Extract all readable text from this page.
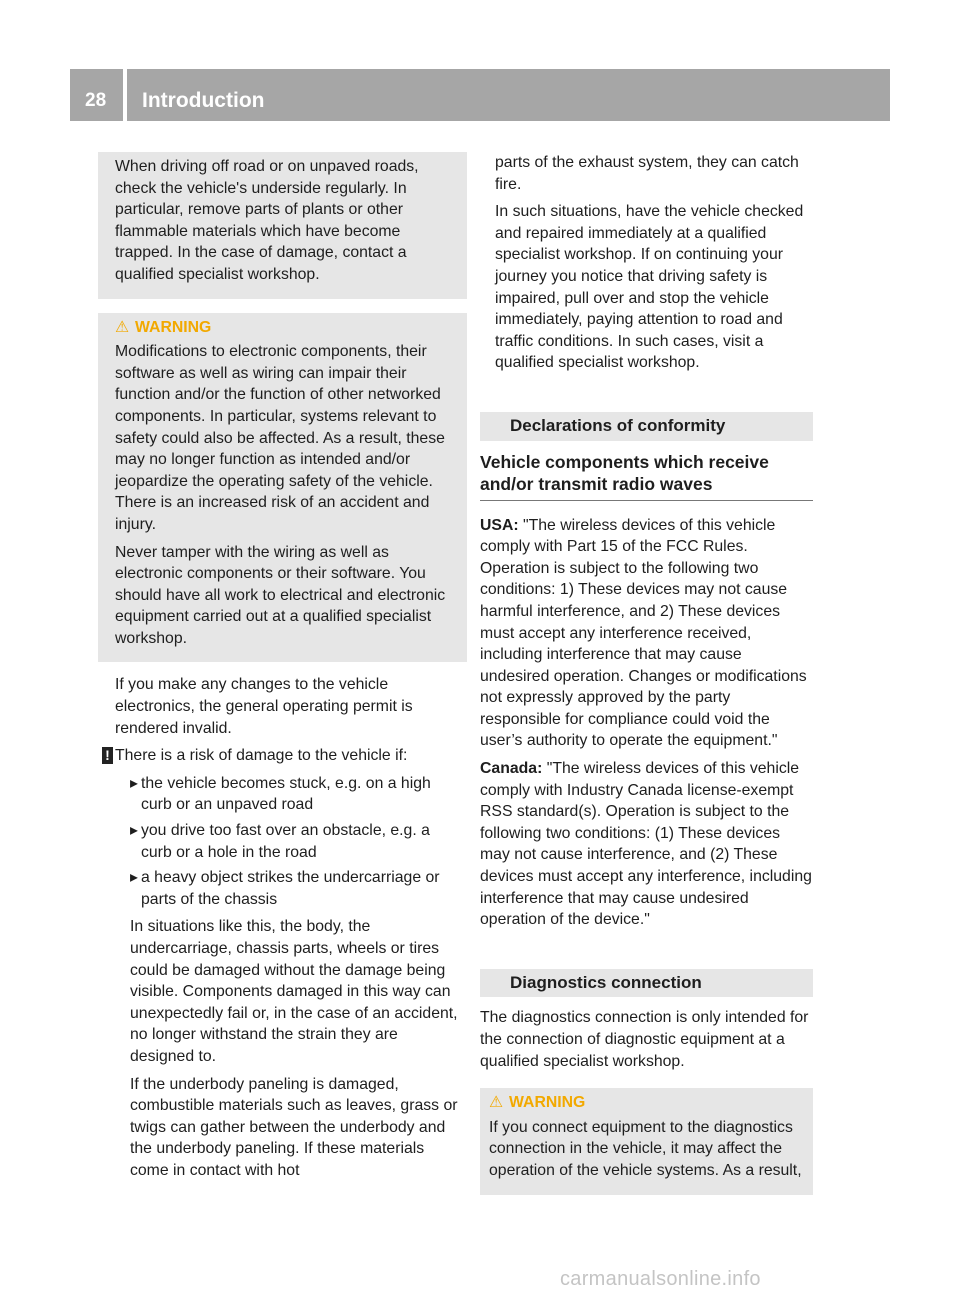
28 Introduction

When driving off road or on unpaved roads, check the vehicle's underside regularly. In particular, remove parts of plants or other flammable materials which have become trapped. In the case of damage, contact a qualified specialist workshop.

⚠ WARNING

Modifications to electronic components, their software as well as wiring can impair their function and/or the function of other networked components. In particular, systems relevant to safety could also be affected. As a result, these may no longer function as intended and/or jeopardize the operating safety of the vehicle. There is an increased risk of an accident and injury.

Never tamper with the wiring as well as electronic components or their software. You should have all work to electrical and electronic equipment carried out at a qualified specialist workshop.

If you make any changes to the vehicle electronics, the general operating permit is rendered invalid.

! There is a risk of damage to the vehicle if:

▸ the vehicle becomes stuck, e.g. on a high curb or an unpaved road
▸ you drive too fast over an obstacle, e.g. a curb or a hole in the road
▸ a heavy object strikes the undercarriage or parts of the chassis

In situations like this, the body, the undercarriage, chassis parts, wheels or tires could be damaged without the damage being visible. Components damaged in this way can unexpectedly fail or, in the case of an accident, no longer withstand the strain they are designed to.

If the underbody paneling is damaged, combustible materials such as leaves, grass or twigs can gather between the underbody and the underbody paneling. If these materials come in contact with hot

parts of the exhaust system, they can catch fire.

In such situations, have the vehicle checked and repaired immediately at a qualified specialist workshop. If on continuing your journey you notice that driving safety is impaired, pull over and stop the vehicle immediately, paying attention to road and traffic conditions. In such cases, visit a qualified specialist workshop.

Declarations of conformity
Vehicle components which receive and/or transmit radio waves

USA: "The wireless devices of this vehicle comply with Part 15 of the FCC Rules. Operation is subject to the following two conditions: 1) These devices may not cause harmful interference, and 2) These devices must accept any interference received, including interference that may cause undesired operation. Changes or modifications not expressly approved by the party responsible for compliance could void the user’s authority to operate the equipment."

Canada: "The wireless devices of this vehicle comply with Industry Canada license-exempt RSS standard(s). Operation is subject to the following two conditions: (1) These devices may not cause interference, and (2) These devices must accept any interference, including interference that may cause undesired operation of the device."

Diagnostics connection

The diagnostics connection is only intended for the connection of diagnostic equipment at a qualified specialist workshop.

⚠ WARNING

If you connect equipment to the diagnostics connection in the vehicle, it may affect the operation of the vehicle systems. As a result,

carmanualsonline.info
